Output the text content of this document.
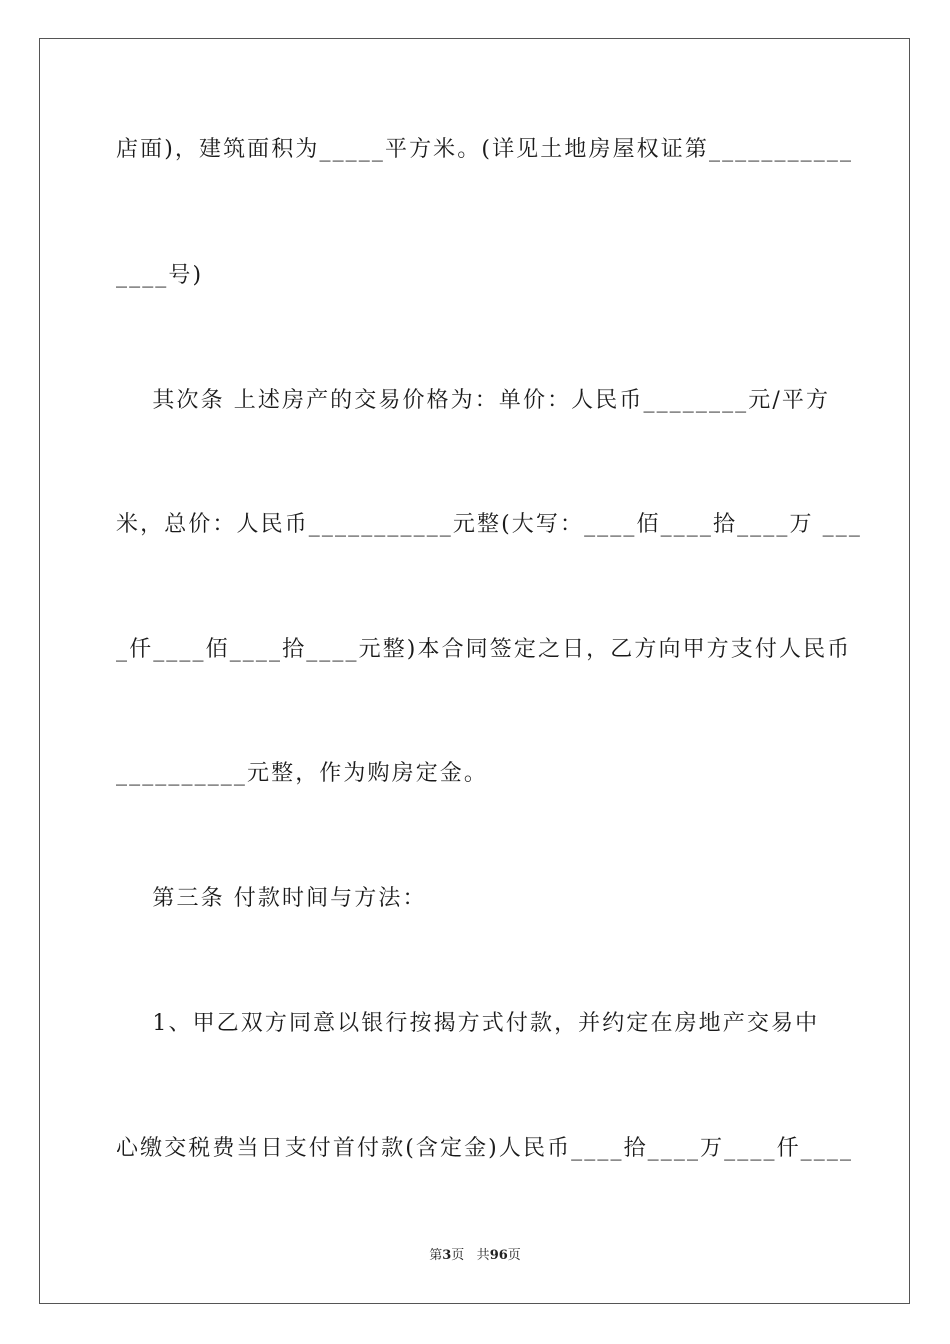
店面)，建筑面积为_____平方米。(详见土地房屋权证第___________
____号)
其次条 上述房产的交易价格为：单价：人民币________元/平方
米，总价：人民币___________元整(大写：____佰____拾____万 ___
_仟____佰____拾____元整)本合同签定之日，乙方向甲方支付人民币
__________元整，作为购房定金。
第三条 付款时间与方法：
1、甲乙双方同意以银行按揭方式付款，并约定在房地产交易中
心缴交税费当日支付首付款(含定金)人民币____拾____万____仟____
第3页 共96页
